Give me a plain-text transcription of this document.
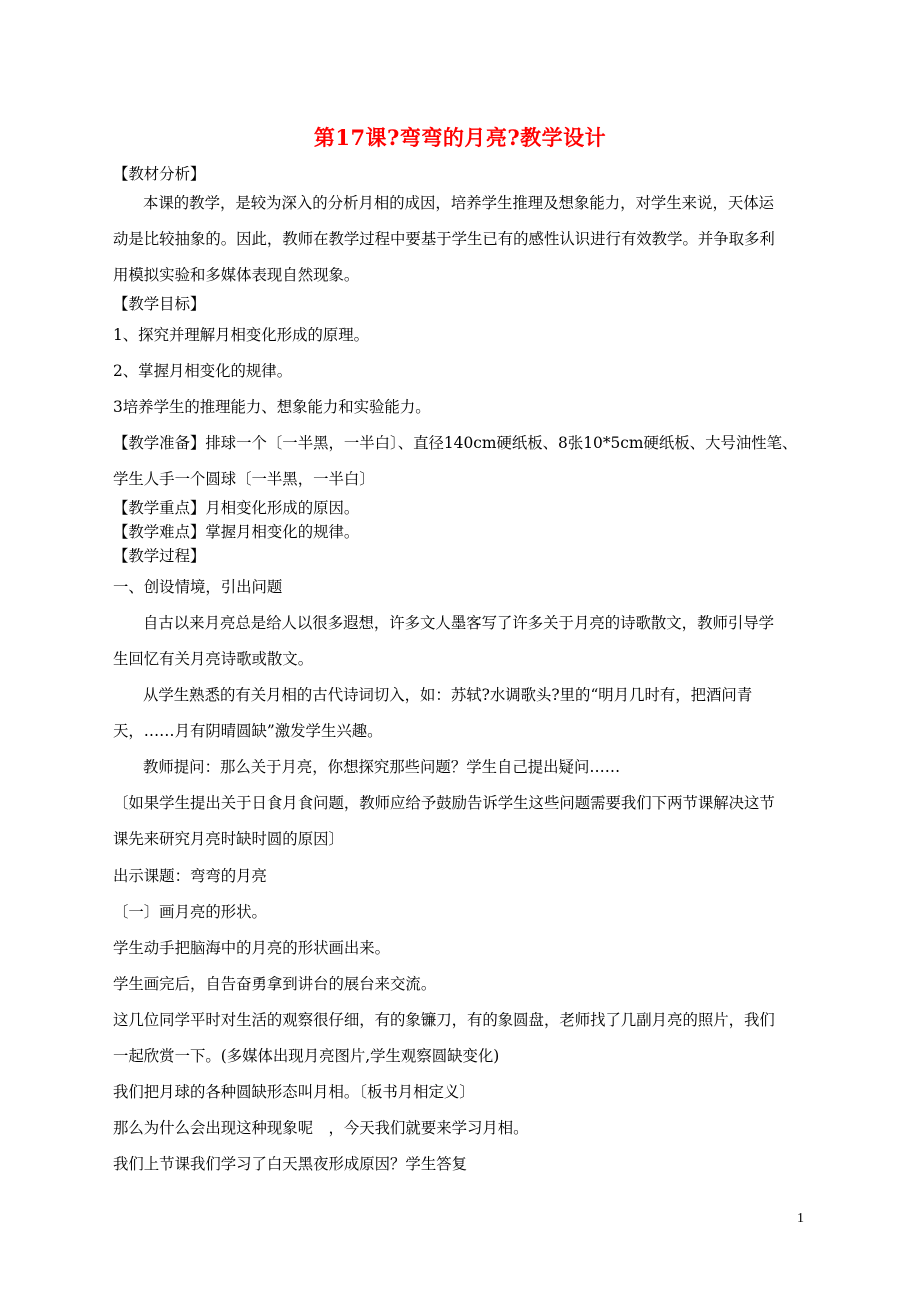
第17课?弯弯的月亮?教学设计
【教材分析】
本课的教学，是较为深入的分析月相的成因，培养学生推理及想象能力，对学生来说，天体运
动是比较抽象的。因此，教师在教学过程中要基于学生已有的感性认识进行有效教学。并争取多利
用模拟实验和多媒体表现自然现象。
【教学目标】
1、探究并理解月相变化形成的原理。
2、掌握月相变化的规律。
3培养学生的推理能力、想象能力和实验能力。
【教学准备】排球一个〔一半黑，一半白〕、直径140cm硬纸板、8张10*5cm硬纸板、大号油性笔、
学生人手一个圆球〔一半黑，一半白〕
【教学重点】月相变化形成的原因。
【教学难点】掌握月相变化的规律。
【教学过程】
一、创设情境，引出问题
自古以来月亮总是给人以很多遐想，许多文人墨客写了许多关于月亮的诗歌散文，教师引导学
生回忆有关月亮诗歌或散文。
从学生熟悉的有关月相的古代诗词切入，如：苏轼?水调歌头?里的“明月几时有，把酒问青
天，……月有阴晴圆缺”激发学生兴趣。
教师提问：那么关于月亮，你想探究那些问题？学生自己提出疑问……
〔如果学生提出关于日食月食问题，教师应给予鼓励告诉学生这些问题需要我们下两节课解决这节
课先来研究月亮时缺时圆的原因〕
出示课题：弯弯的月亮
〔一〕画月亮的形状。
学生动手把脑海中的月亮的形状画出来。
学生画完后，自告奋勇拿到讲台的展台来交流。
这几位同学平时对生活的观察很仔细，有的象镰刀，有的象圆盘，老师找了几副月亮的照片，我们
一起欣赏一下。(多媒体出现月亮图片,学生观察圆缺变化)
我们把月球的各种圆缺形态叫月相。〔板书月相定义〕
那么为什么会出现这种现象呢　，今天我们就要来学习月相。
我们上节课我们学习了白天黑夜形成原因？学生答复
1
